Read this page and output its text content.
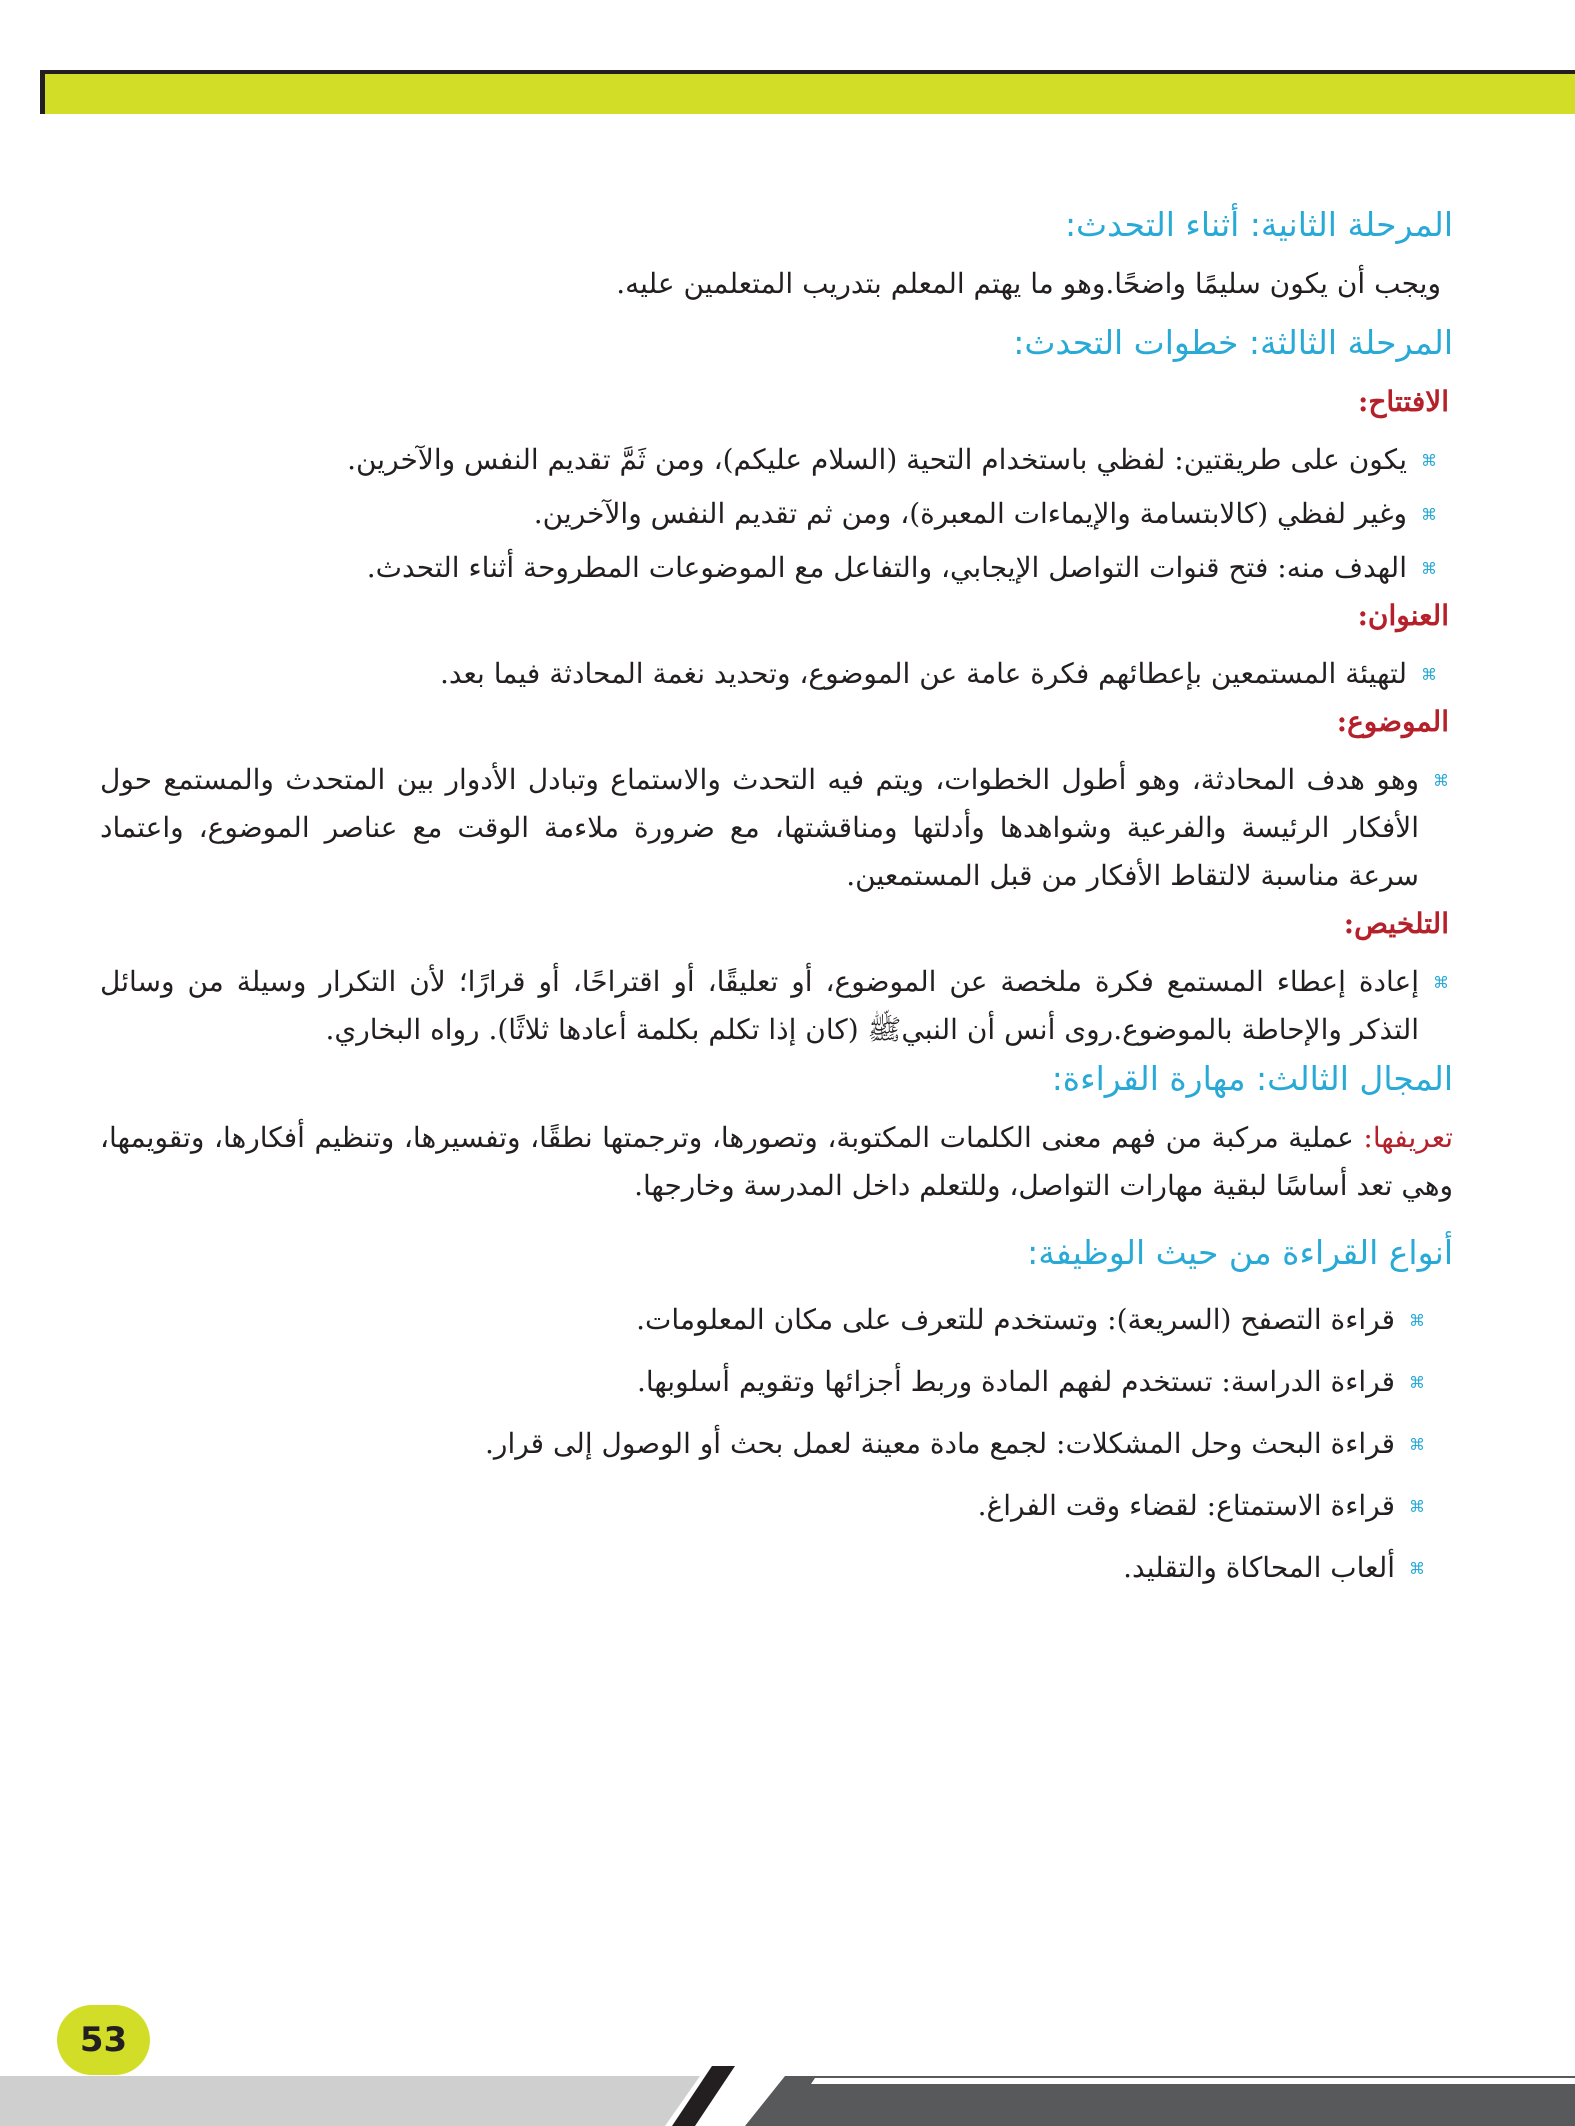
المرحلة الثانية: أثناء التحدث:

ويجب أن يكون سليمًا واضحًا.وهو ما يهتم المعلم بتدريب المتعلمين عليه.

المرحلة الثالثة: خطوات التحدث:
الافتتاح:
⌘
يكون على طريقتين: لفظي باستخدام التحية (السلام عليكم)، ومن ثَمَّ تقديم النفس والآخرين.
⌘
وغير لفظي (كالابتسامة والإيماءات المعبرة)، ومن ثم تقديم النفس والآخرين.
⌘
الهدف منه: فتح قنوات التواصل الإيجابي، والتفاعل مع الموضوعات المطروحة أثناء التحدث.
العنوان:
⌘
لتهيئة المستمعين بإعطائهم فكرة عامة عن الموضوع، وتحديد نغمة المحادثة فيما بعد.
الموضوع:
⌘
وهو هدف المحادثة، وهو أطول الخطوات، ويتم فيه التحدث والاستماع وتبادل الأدوار بين المتحدث والمستمع حول الأفكار الرئيسة والفرعية وشواهدها وأدلتها ومناقشتها، مع ضرورة ملاءمة الوقت مع عناصر الموضوع، واعتماد سرعة مناسبة لالتقاط الأفكار من قبل المستمعين.
التلخيص:
⌘
إعادة إعطاء المستمع فكرة ملخصة عن الموضوع، أو تعليقًا، أو اقتراحًا، أو قرارًا؛ لأن التكرار وسيلة من وسائل التذكر والإحاطة بالموضوع.روى أنس أن النبيﷺ (كان إذا تكلم بكلمة أعادها ثلاثًا). رواه البخاري.
المجال الثالث: مهارة القراءة:

تعريفها: عملية مركبة من فهم معنى الكلمات المكتوبة، وتصورها، وترجمتها نطقًا، وتفسيرها، وتنظيم أفكارها، وتقويمها، وهي تعد أساسًا لبقية مهارات التواصل، وللتعلم داخل المدرسة وخارجها.

أنواع القراءة من حيث الوظيفة:
⌘
قراءة التصفح (السريعة): وتستخدم للتعرف على مكان المعلومات.
⌘
قراءة الدراسة: تستخدم لفهم المادة وربط أجزائها وتقويم أسلوبها.
⌘
قراءة البحث وحل المشكلات: لجمع مادة معينة لعمل بحث أو الوصول إلى قرار.
⌘
قراءة الاستمتاع: لقضاء وقت الفراغ.
⌘
ألعاب المحاكاة والتقليد.
53
